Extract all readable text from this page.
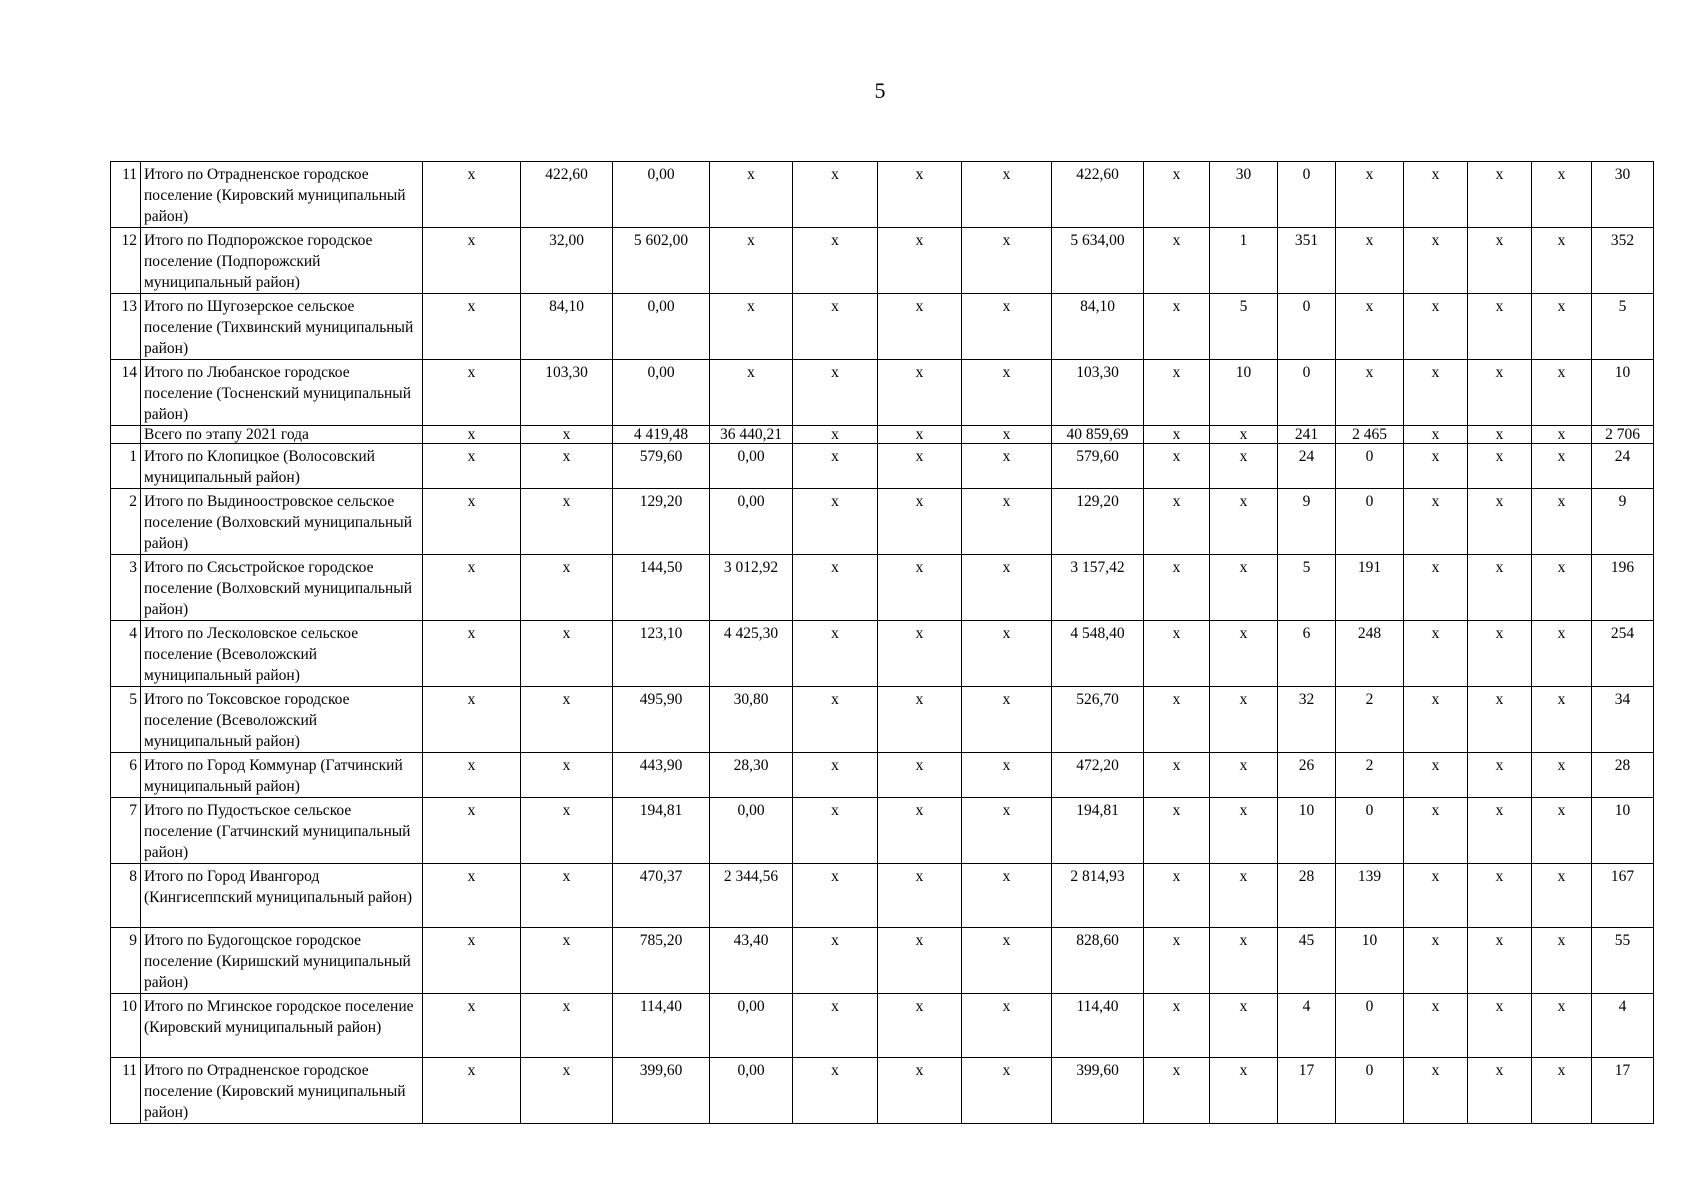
5
11	Итого по Отрадненское городское поселение (Кировский муниципальный район)	х	422,60	0,00	х	х	х	х	422,60	х	30	0	х	х	х	х	30
12	Итого по Подпорожское городское поселение (Подпорожский муниципальный район)	х	32,00	5 602,00	х	х	х	х	5 634,00	х	1	351	х	х	х	х	352
13	Итого по Шугозерское сельское поселение (Тихвинский муниципальный район)	х	84,10	0,00	х	х	х	х	84,10	х	5	0	х	х	х	х	5
14	Итого по Любанское городское поселение (Тосненский муниципальный район)	х	103,30	0,00	х	х	х	х	103,30	х	10	0	х	х	х	х	10
	Всего по этапу 2021 года	х	х	4 419,48	36 440,21	х	х	х	40 859,69	х	х	241	2 465	х	х	х	2 706
1	Итого по Клопицкое (Волосовский муниципальный район)	х	х	579,60	0,00	х	х	х	579,60	х	х	24	0	х	х	х	24
2	Итого по Выдинoостровское сельское поселение (Волховский муниципальный район)	х	х	129,20	0,00	х	х	х	129,20	х	х	9	0	х	х	х	9
3	Итого по Сясьстройское городское поселение (Волховский муниципальный район)	х	х	144,50	3 012,92	х	х	х	3 157,42	х	х	5	191	х	х	х	196
4	Итого по Лесколовское сельское поселение (Всеволожский муниципальный район)	х	х	123,10	4 425,30	х	х	х	4 548,40	х	х	6	248	х	х	х	254
5	Итого по Токсовское городское поселение (Всеволожский муниципальный район)	х	х	495,90	30,80	х	х	х	526,70	х	х	32	2	х	х	х	34
6	Итого по Город Коммунар (Гатчинский муниципальный район)	х	х	443,90	28,30	х	х	х	472,20	х	х	26	2	х	х	х	28
7	Итого по Пудостьское сельское поселение (Гатчинский муниципальный район)	х	х	194,81	0,00	х	х	х	194,81	х	х	10	0	х	х	х	10
8	Итого по Город Ивангород (Кингисеппский муниципальный район)	х	х	470,37	2 344,56	х	х	х	2 814,93	х	х	28	139	х	х	х	167
9	Итого по Будогощское городское поселение (Киришский муниципальный район)	х	х	785,20	43,40	х	х	х	828,60	х	х	45	10	х	х	х	55
10	Итого по Мгинское городское поселение (Кировский муниципальный район)	х	х	114,40	0,00	х	х	х	114,40	х	х	4	0	х	х	х	4
11	Итого по Отрадненское городское поселение (Кировский муниципальный район)	х	х	399,60	0,00	х	х	х	399,60	х	х	17	0	х	х	х	17
